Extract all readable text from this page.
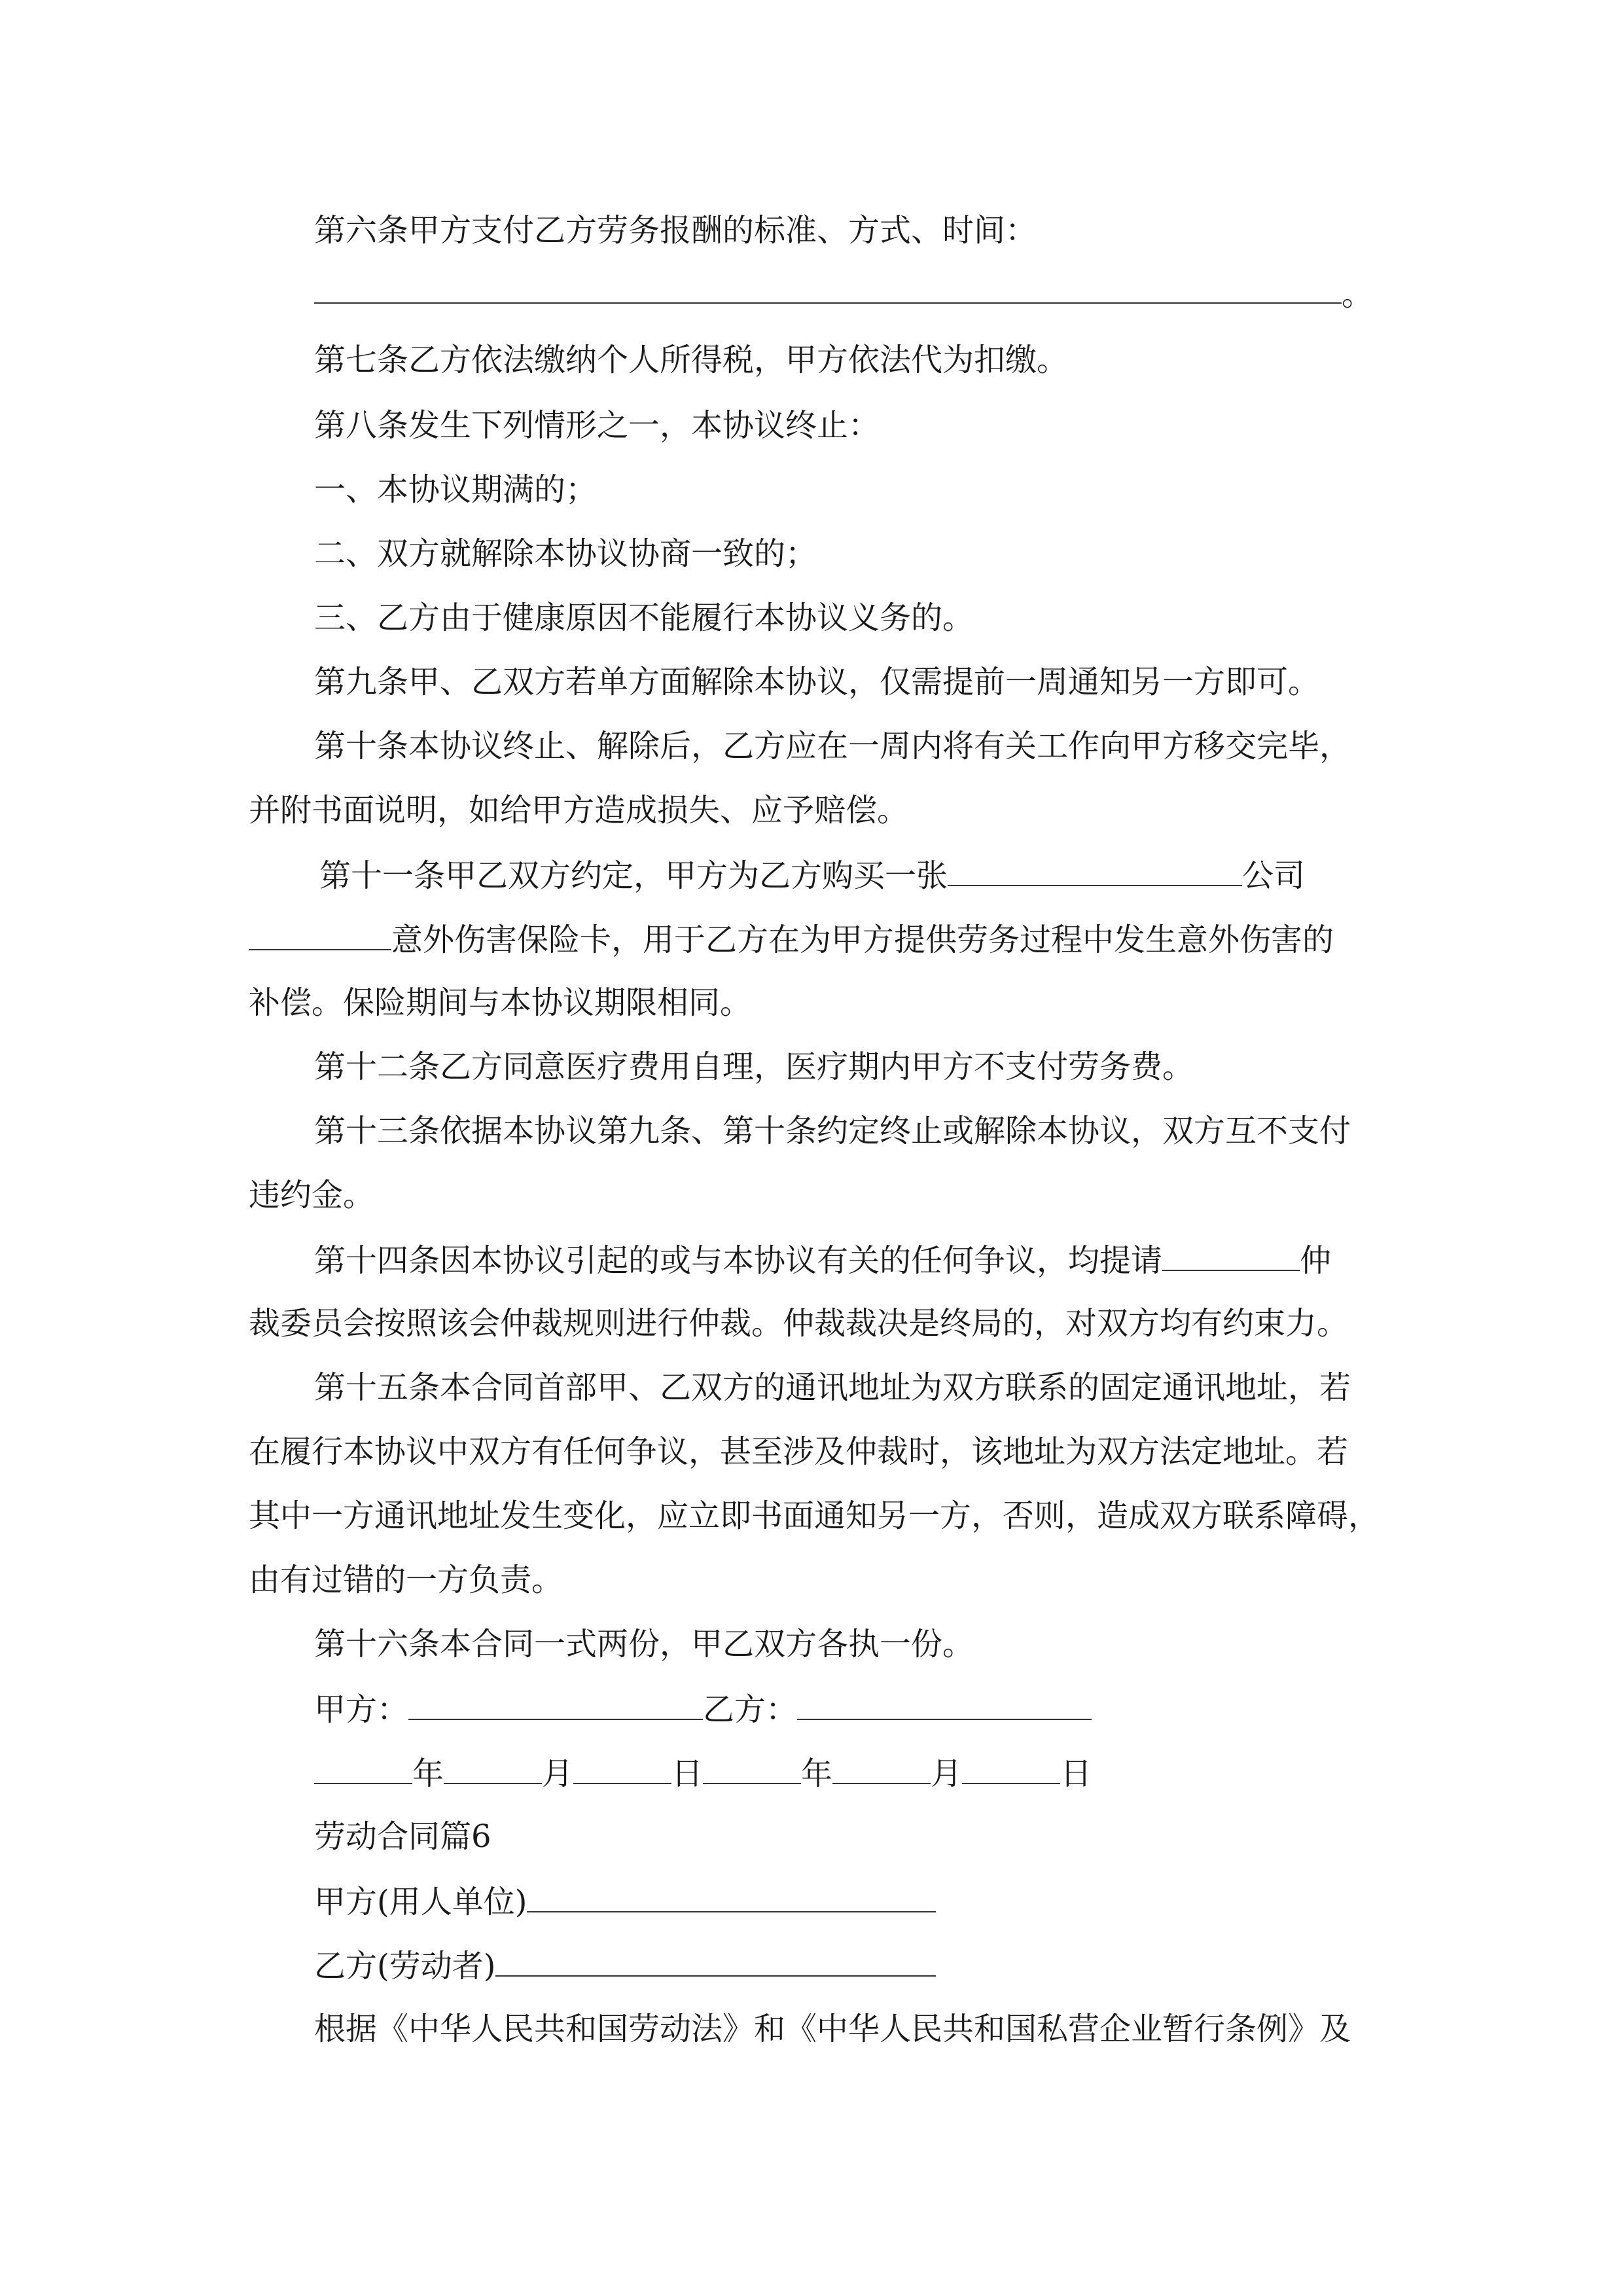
第六条甲方支付乙方劳务报酬的标准、方式、时间：
。
第七条乙方依法缴纳个人所得税，甲方依法代为扣缴。
第八条发生下列情形之一，本协议终止：
一、本协议期满的；
二、双方就解除本协议协商一致的；
三、乙方由于健康原因不能履行本协议义务的。
第九条甲、乙双方若单方面解除本协议，仅需提前一周通知另一方即可。
第十条本协议终止、解除后，乙方应在一周内将有关工作向甲方移交完毕，
并附书面说明，如给甲方造成损失、应予赔偿。
第十一条甲乙双方约定，甲方为乙方购买一张	公司
意外伤害保险卡，用于乙方在为甲方提供劳务过程中发生意外伤害的
补偿。保险期间与本协议期限相同。
第十二条乙方同意医疗费用自理，医疗期内甲方不支付劳务费。
第十三条依据本协议第九条、第十条约定终止或解除本协议，双方互不支付
违约金。
第十四条因本协议引起的或与本协议有关的任何争议，均提请	仲
裁委员会按照该会仲裁规则进行仲裁。仲裁裁决是终局的，对双方均有约束力。
第十五条本合同首部甲、乙双方的通讯地址为双方联系的固定通讯地址，若
在履行本协议中双方有任何争议，甚至涉及仲裁时，该地址为双方法定地址。若
其中一方通讯地址发生变化，应立即书面通知另一方，否则，造成双方联系障碍，
由有过错的一方负责。
第十六条本合同一式两份，甲乙双方各执一份。
甲方：	乙方：
年	月	日	年	月	日
劳动合同篇6
甲方(用人单位)
乙方(劳动者)
根据《中华人民共和国劳动法》和《中华人民共和国私营企业暂行条例》及
